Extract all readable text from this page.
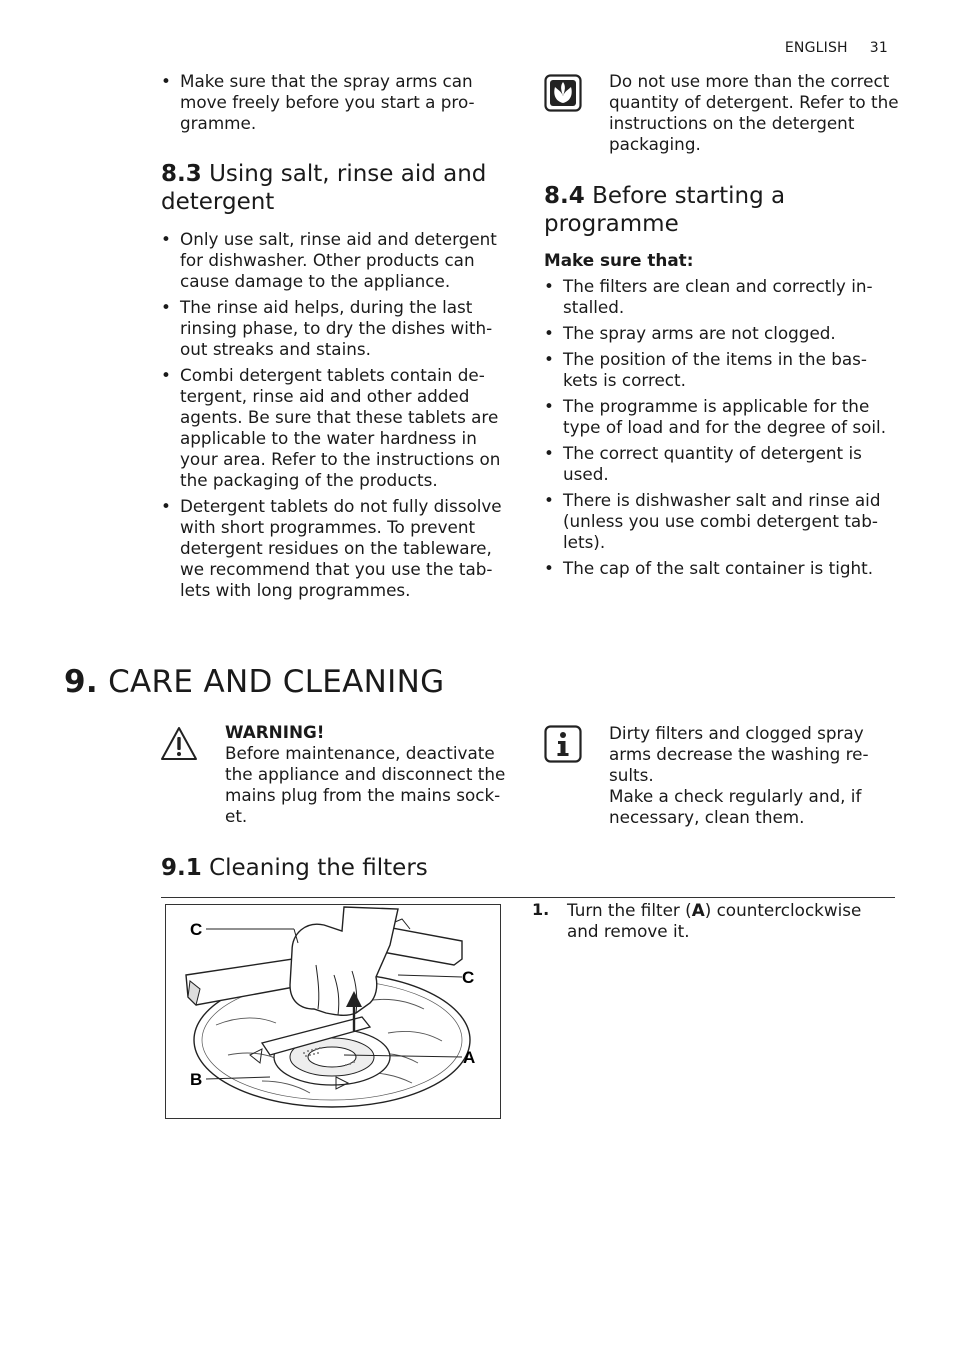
ENGLISH 31
• Make sure that the spray arms can move freely before you start a pro-gramme.

Do not use more than the correct quantity of detergent. Refer to the instructions on the detergent packaging.

8.3 Using salt, rinse aid and detergent
• Only use salt, rinse aid and detergent for dishwasher. Other products can cause damage to the appliance.
• The rinse aid helps, during the last rinsing phase, to dry the dishes with-out streaks and stains.
• Combi detergent tablets contain de-tergent, rinse aid and other added agents. Be sure that these tablets are applicable to the water hardness in your area. Refer to the instructions on the packaging of the products.
• Detergent tablets do not fully dissolve with short programmes. To prevent detergent residues on the tableware, we recommend that you use the tab-lets with long programmes.
8.4 Before starting a programme

Make sure that:

• The filters are clean and correctly in-stalled.
• The spray arms are not clogged.
• The position of the items in the bas-kets is correct.
• The programme is applicable for the type of load and for the degree of soil.
• The correct quantity of detergent is used.
• There is dishwasher salt and rinse aid (unless you use combi detergent tab-lets).
• The cap of the salt container is tight.
9. CARE AND CLEANING

WARNING!

Before maintenance, deactivate the appliance and disconnect the mains plug from the mains sock-et.

Dirty filters and clogged spray arms decrease the washing re-sults.

Make a check regularly and, if necessary, clean them.

9.1 Cleaning the filters
C
C
A
B
1. Turn the filter (A) counterclockwise and remove it.
